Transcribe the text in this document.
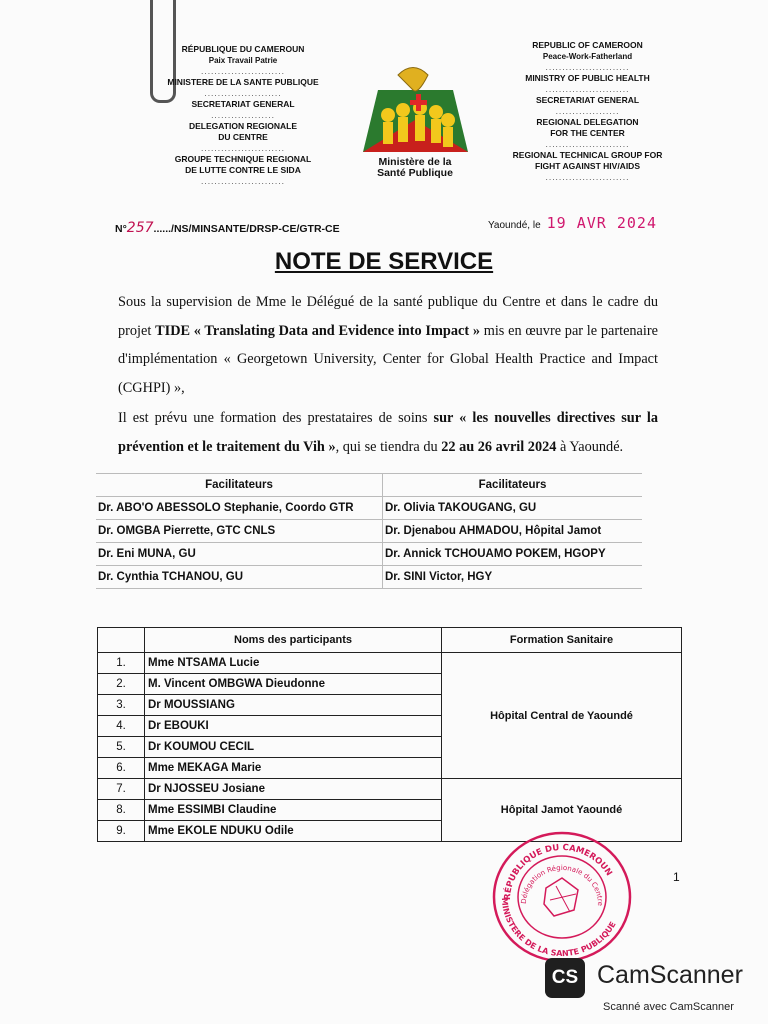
RÉPUBLIQUE DU CAMEROUN
Paix Travail Patrie
.........................
MINISTERE DE LA SANTE PUBLIQUE
.......................
SECRETARIAT GENERAL
...................
DELEGATION REGIONALE
DU CENTRE
.........................
GROUPE TECHNIQUE REGIONAL
DE LUTTE CONTRE LE SIDA
.........................
REPUBLIC OF CAMEROON
Peace-Work-Fatherland
.........................
MINISTRY OF PUBLIC HEALTH
.........................
SECRETARIAT GENERAL
...................
REGIONAL DELEGATION
FOR THE CENTER
.........................
REGIONAL TECHNICAL GROUP FOR
FIGHT AGAINST HIV/AIDS
.........................
Ministère de la
Santé Publique
N°257....../NS/MINSANTE/DRSP-CE/GTR-CE	Yaoundé, le 19 AVR 2024
NOTE DE SERVICE
Sous la supervision de Mme le Délégué de la santé publique du Centre et dans le cadre du projet TIDE « Translating Data and Evidence into Impact » mis en œuvre par le partenaire d'implémentation « Georgetown University, Center for Global Health Practice and Impact (CGHPI) »,
Il est prévu une formation des prestataires de soins sur « les nouvelles directives sur la prévention et le traitement du Vih », qui se tiendra du 22 au 26 avril 2024 à Yaoundé.
Facilitateurs	Facilitateurs
Dr. ABO'O ABESSOLO Stephanie, Coordo GTR	Dr. Olivia TAKOUGANG, GU
Dr. OMGBA Pierrette, GTC CNLS	Dr. Djenabou AHMADOU, Hôpital Jamot
Dr. Eni MUNA, GU	Dr. Annick TCHOUAMO POKEM, HGOPY
Dr. Cynthia TCHANOU, GU	Dr. SINI Victor, HGY
	Noms des participants	Formation Sanitaire
1.	Mme NTSAMA Lucie	Hôpital Central de Yaoundé
2.	M. Vincent OMBGWA Dieudonne	
3.	Dr MOUSSIANG	
4.	Dr EBOUKI	
5.	Dr KOUMOU CECIL	
6.	Mme MEKAGA Marie	
7.	Dr NJOSSEU Josiane	Hôpital Jamot Yaoundé
8.	Mme ESSIMBI Claudine	
9.	Mme EKOLE NDUKU Odile	
RÉPUBLIQUE DU CAMEROUN
Délégation Régionale du Centre
MINISTERE DE LA SANTE PUBLIQUE
1
CS CamScanner
Scanné avec CamScanner
